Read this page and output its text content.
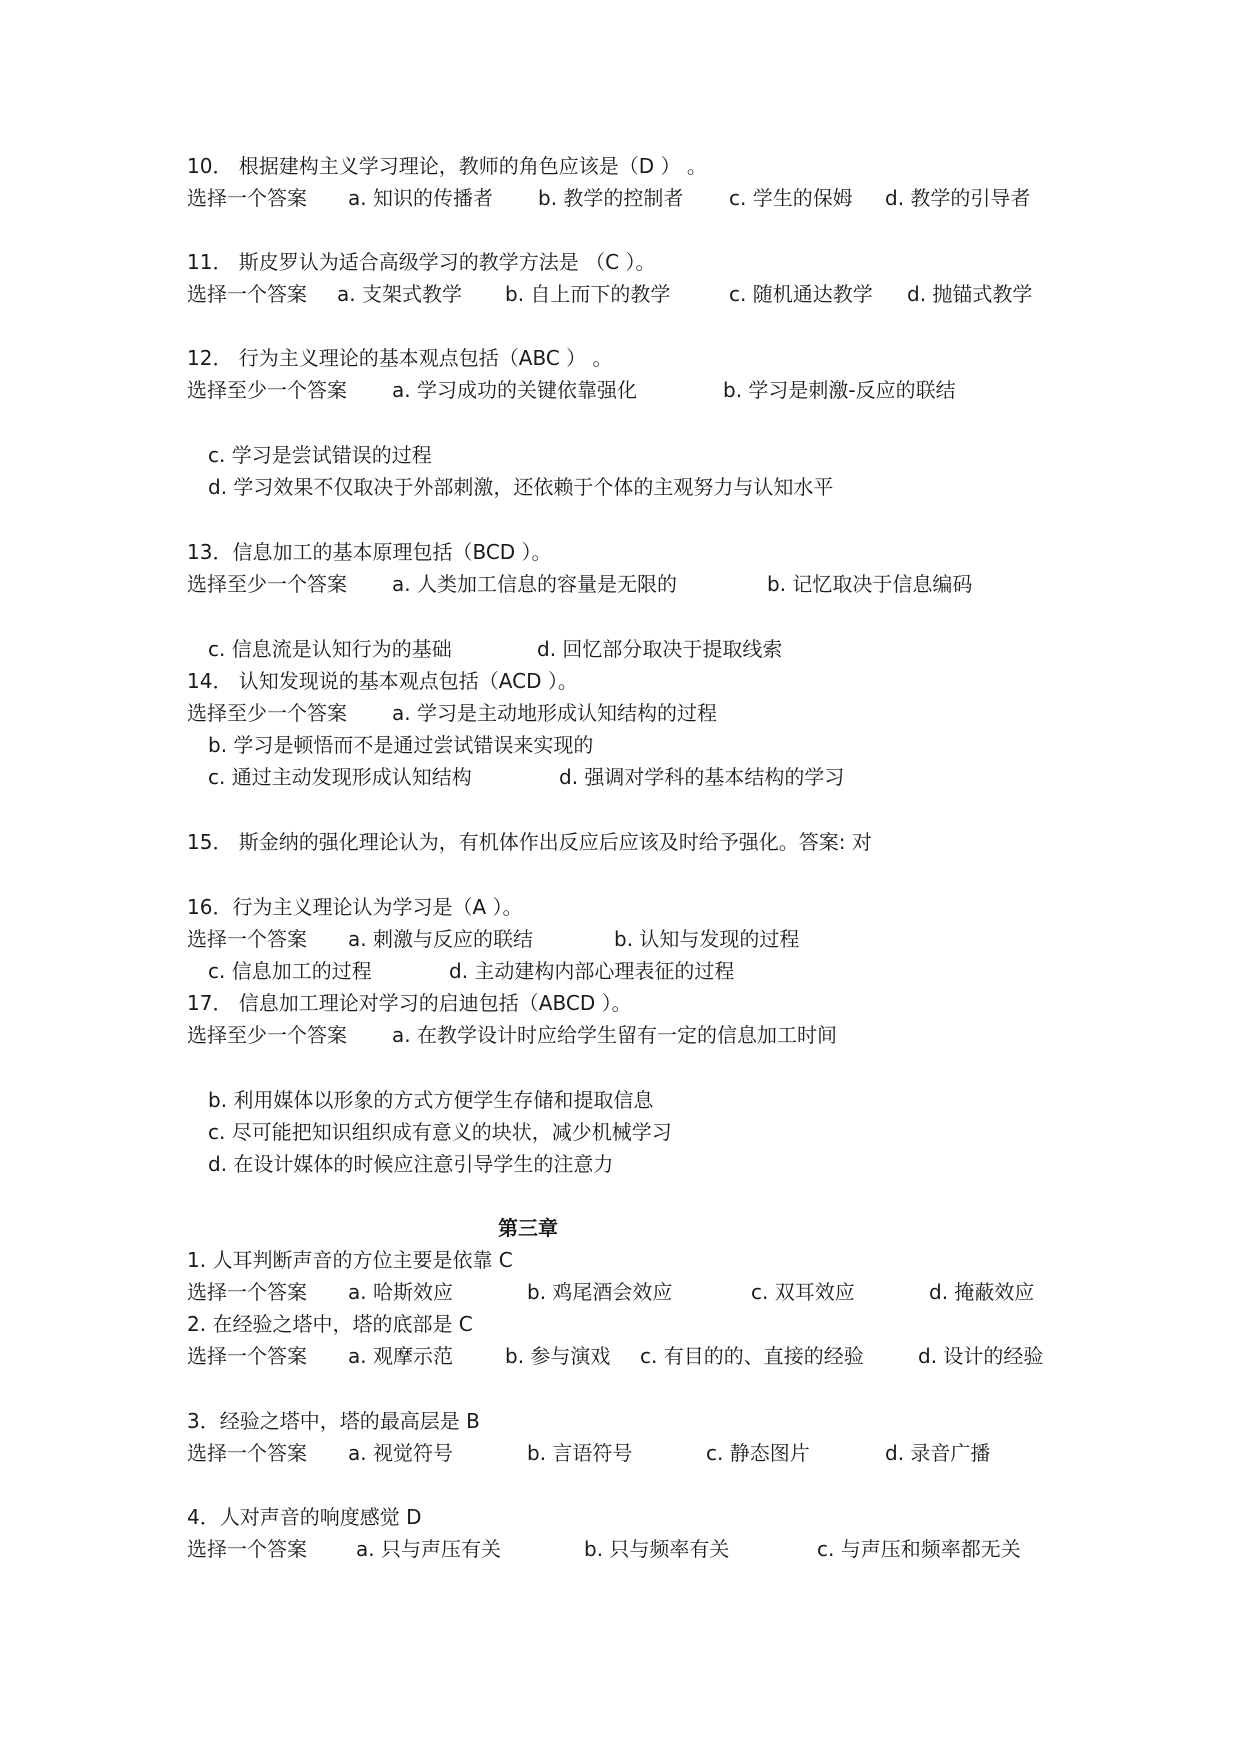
10． 根据建构主义学习理论，教师的角色应该是（D ） 。
选择一个答案 a. 知识的传播者 b. 教学的控制者 c. 学生的保姆 d. 教学的引导者
11． 斯皮罗认为适合高级学习的教学方法是 （C ）。
选择一个答案 a. 支架式教学 b. 自上而下的教学	c. 随机通达教学 d. 抛锚式教学
12． 行为主义理论的基本观点包括（ABC ） 。
选择至少一个答案 a. 学习成功的关键依靠强化	b. 学习是刺激-反应的联结
c. 学习是尝试错误的过程
d. 学习效果不仅取决于外部刺激，还依赖于个体的主观努力与认知水平
13．信息加工的基本原理包括（BCD ）。
选择至少一个答案 a. 人类加工信息的容量是无限的	b. 记忆取决于信息编码
c. 信息流是认知行为的基础	d. 回忆部分取决于提取线索
14． 认知发现说的基本观点包括（ACD ）。
选择至少一个答案 a. 学习是主动地形成认知结构的过程
b. 学习是顿悟而不是通过尝试错误来实现的
c. 通过主动发现形成认知结构	d. 强调对学科的基本结构的学习
15． 斯金纳的强化理论认为，有机体作出反应后应该及时给予强化。答案: 对
16．行为主义理论认为学习是（A ）。
选择一个答案 a. 刺激与反应的联结	b. 认知与发现的过程
c. 信息加工的过程	d. 主动建构内部心理表征的过程
17． 信息加工理论对学习的启迪包括（ABCD ）。
选择至少一个答案 a. 在教学设计时应给学生留有一定的信息加工时间
b. 利用媒体以形象的方式方便学生存储和提取信息
c. 尽可能把知识组织成有意义的块状，减少机械学习
d. 在设计媒体的时候应注意引导学生的注意力
第三章
1. 人耳判断声音的方位主要是依靠 C
选择一个答案 a. 哈斯效应	b. 鸡尾酒会效应	c. 双耳效应	d. 掩蔽效应
2. 在经验之塔中，塔的底部是 C
选择一个答案 a. 观摩示范	b. 参与演戏 c. 有目的的、直接的经验	d. 设计的经验
3．经验之塔中，塔的最高层是 B
选择一个答案 a. 视觉符号	b. 言语符号	c. 静态图片	d. 录音广播
4．人对声音的响度感觉 D
选择一个答案 a. 只与声压有关	b. 只与频率有关	c. 与声压和频率都无关
